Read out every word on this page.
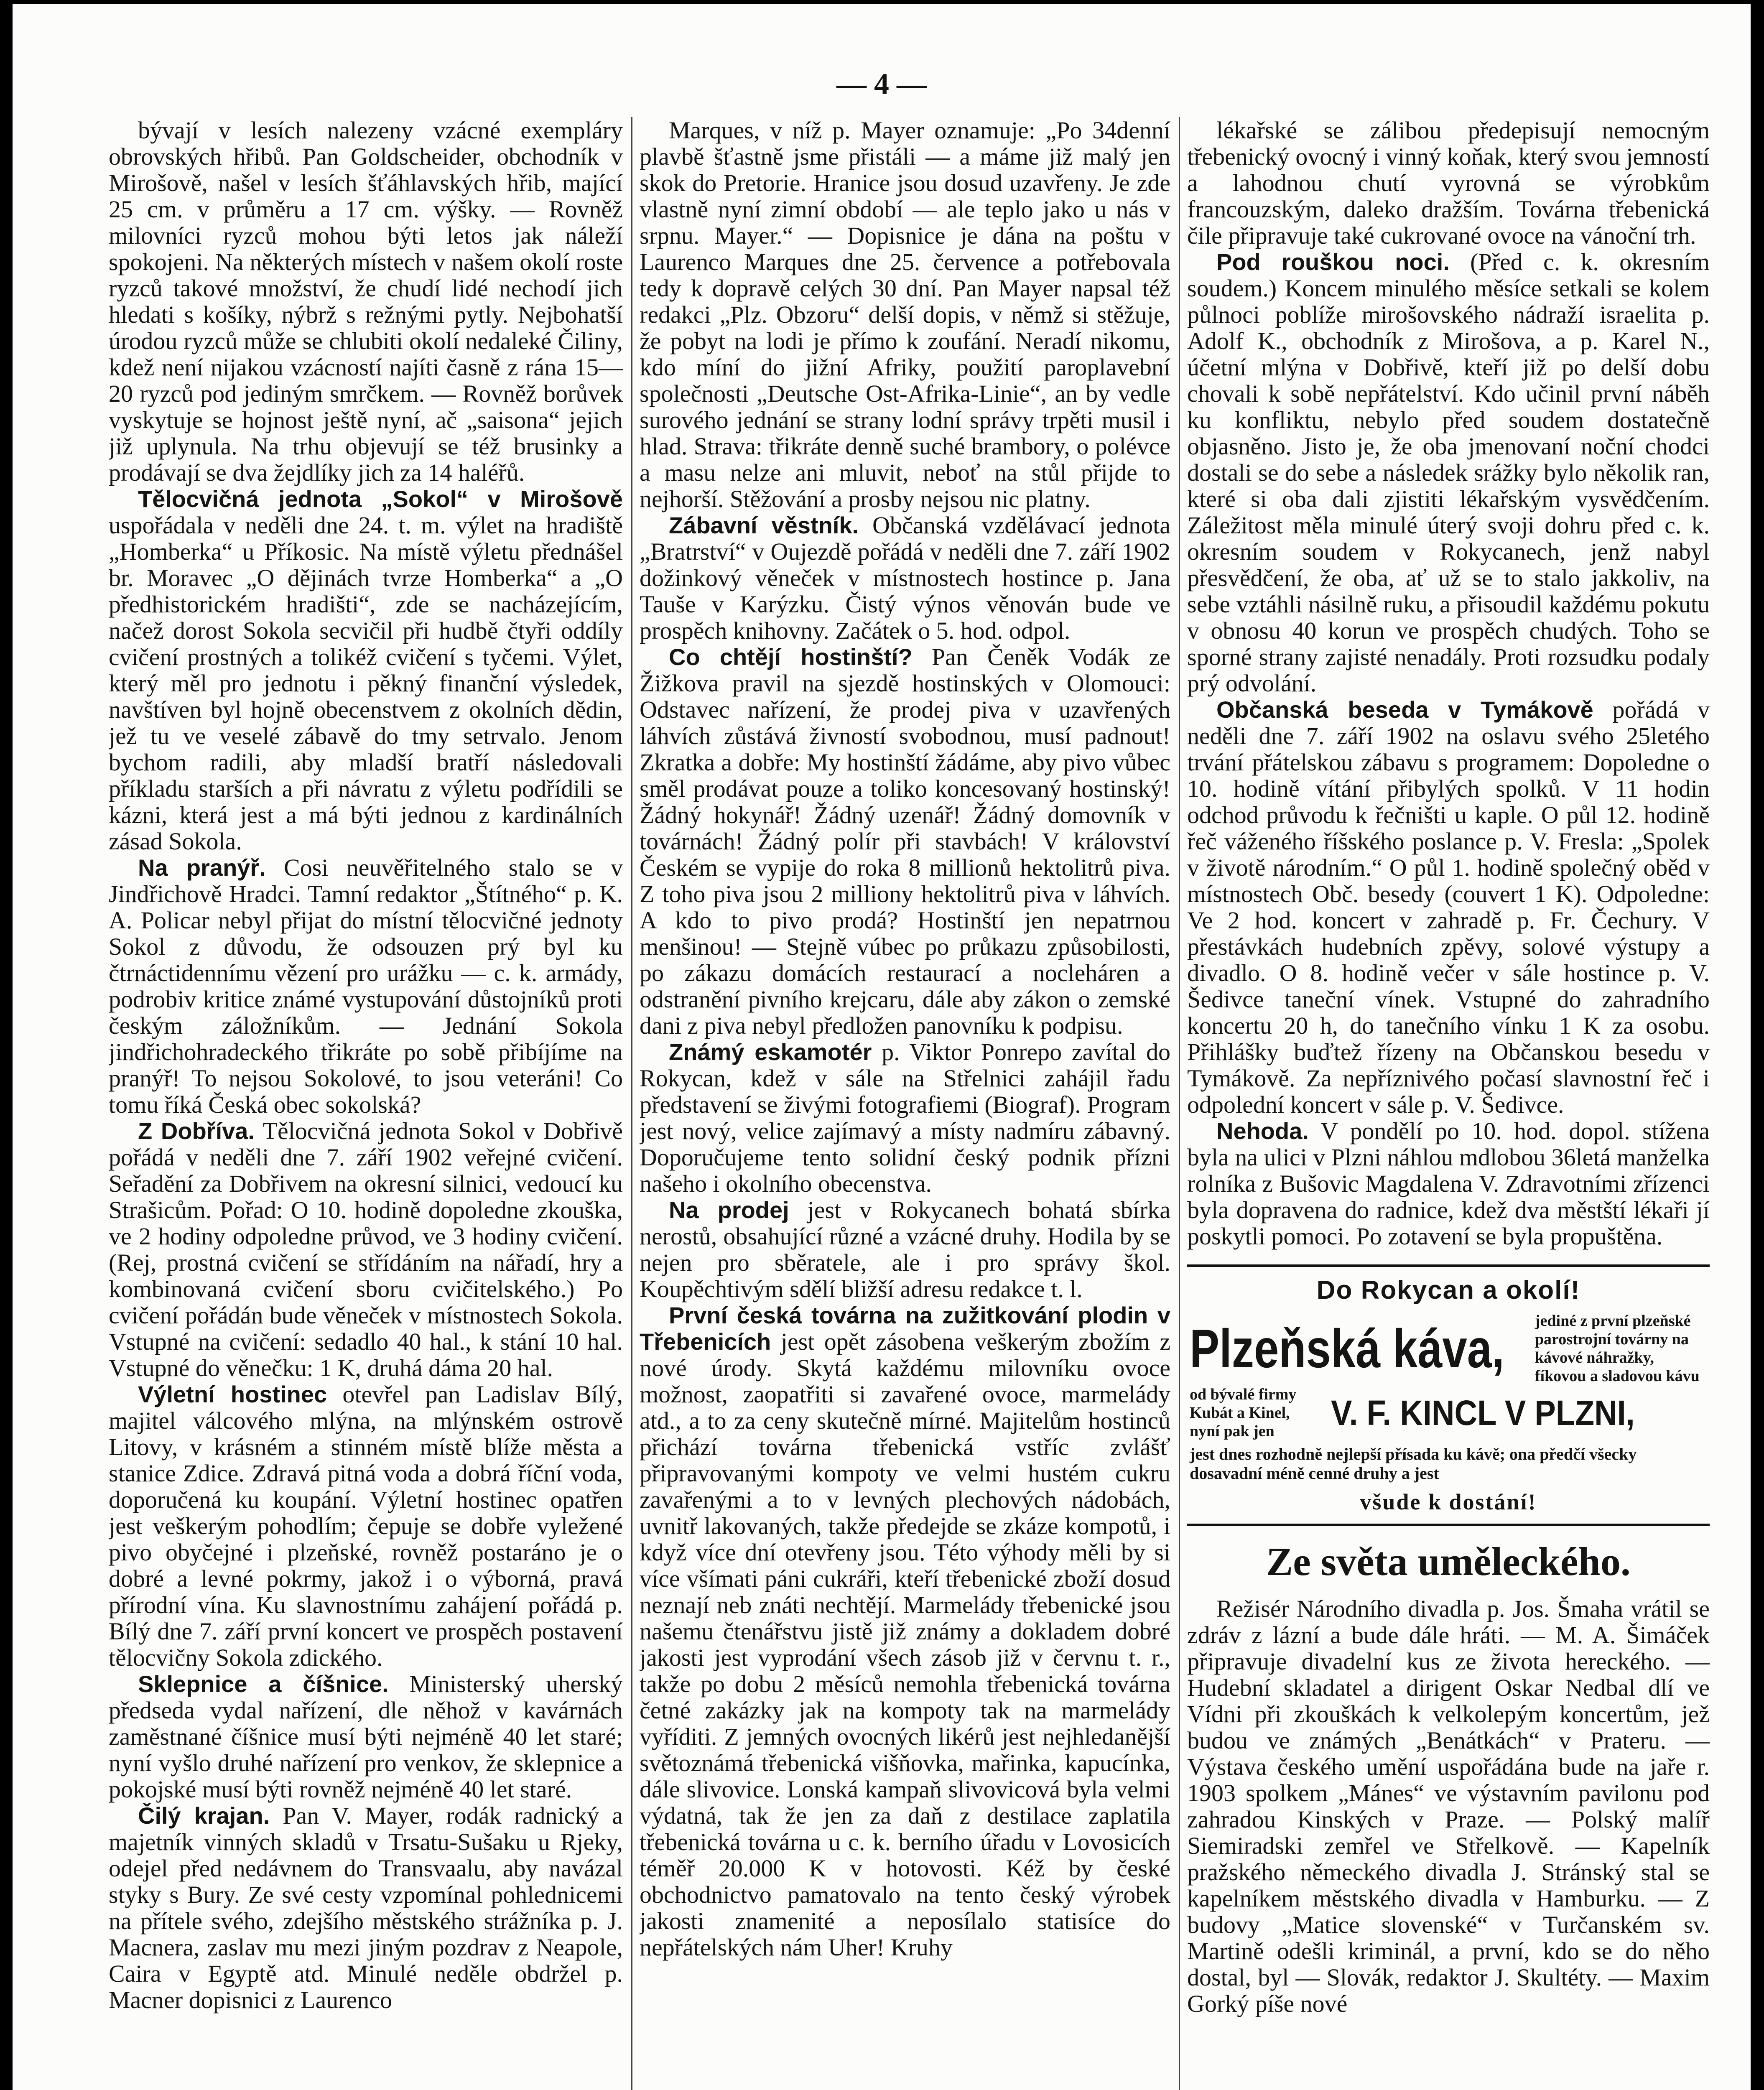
— 4 —

bývají v lesích nalezeny vzácné exempláry obrovských hřibů. Pan Goldscheider, obchodník v Mirošově, našel v lesích šťáhlavských hřib, mající 25 cm. v průměru a 17 cm. výšky. — Rovněž milovníci ryzců mohou býti letos jak náleží spokojeni. Na některých místech v našem okolí roste ryzců takové množství, že chudí lidé nechodí jich hledati s košíky, nýbrž s režnými pytly. Nejbohatší úrodou ryzců může se chlubiti okolí nedaleké Čiliny, kdež není nijakou vzácností najíti časně z rána 15—20 ryzců pod jediným smrčkem. — Rovněž borůvek vyskytuje se hojnost ještě nyní, ač „saisona“ jejich již uplynula. Na trhu objevují se též brusinky a prodávají se dva žejdlíky jich za 14 haléřů.

Tělocvičná jednota „Sokol“ v Mirošově uspořádala v neděli dne 24. t. m. výlet na hradiště „Homberka“ u Příkosic. Na místě výletu přednášel br. Moravec „O dějinách tvrze Homberka“ a „O předhistorickém hradišti“, zde se nacházejícím, načež dorost Sokola secvičil při hudbě čtyři oddíly cvičení prostných a tolikéž cvičení s tyčemi. Výlet, který měl pro jednotu i pěkný finanční výsledek, navštíven byl hojně obecenstvem z okolních dědin, jež tu ve veselé zábavě do tmy setrvalo. Jenom bychom radili, aby mladší bratří následovali příkladu starších a při návratu z výletu podřídili se kázni, která jest a má býti jednou z kardinálních zásad Sokola.

Na pranýř. Cosi neuvěřitelného stalo se v Jindřichově Hradci. Tamní redaktor „Štítného“ p. K. A. Policar nebyl přijat do místní tělocvičné jednoty Sokol z důvodu, že odsouzen prý byl ku čtrnáctidennímu vězení pro urážku — c. k. armády, podrobiv kritice známé vystupování důstojníků proti českým záložníkům. — Jednání Sokola jindřichohradeckého třikráte po sobě přibíjíme na pranýř! To nejsou Sokolové, to jsou veteráni! Co tomu říká Česká obec sokolská?

Z Dobřívа. Tělocvičná jednota Sokol v Dobřivě pořádá v neděli dne 7. září 1902 veřejné cvičení. Seřadění za Dobřivem na okresní silnici, vedoucí ku Strašicům. Pořad: O 10. hodině dopoledne zkouška, ve 2 hodiny odpoledne průvod, ve 3 hodiny cvičení. (Rej, prostná cvičení se střídáním na nářadí, hry a kombinovaná cvičení sboru cvičitelského.) Po cvičení pořádán bude věneček v místnostech Sokola. Vstupné na cvičení: sedadlo 40 hal., k stání 10 hal. Vstupné do věnečku: 1 K, druhá dáma 20 hal.

Výletní hostinec otevřel pan Ladislav Bílý, majitel válcového mlýna, na mlýnském ostrově Litovy, v krásném a stinném místě blíže města a stanice Zdice. Zdravá pitná voda a dobrá říční voda, doporučená ku koupání. Výletní hostinec opatřen jest veškerým pohodlím; čepuje se dobře vyležené pivo obyčejné i plzeňské, rovněž postaráno je o dobré a levné pokrmy, jakož i o výborná, pravá přírodní vína. Ku slavnostnímu zahájení pořádá p. Bílý dne 7. září první koncert ve prospěch postavení tělocvičny Sokola zdického.

Sklepnice a číšnice. Ministerský uherský předseda vydal nařízení, dle něhož v kavárnách zaměstnané číšnice musí býti nejméně 40 let staré; nyní vyšlo druhé nařízení pro venkov, že sklepnice a pokojské musí býti rovněž nejméně 40 let staré.

Čilý krajan. Pan V. Mayer, rodák radnický a majetník vinných skladů v Trsatu-Sušaku u Rjeky, odejel před nedávnem do Transvaalu, aby navázal styky s Bury. Ze své cesty vzpomínal pohlednicemi na přítele svého, zdejšího městského strážníka p. J. Macnera, zaslav mu mezi jiným pozdrav z Neapole, Caira v Egyptě atd. Minulé neděle obdržel p. Macner dopisnici z Laurenco

Marques, v níž p. Mayer oznamuje: „Po 34denní plavbě šťastně jsme přistáli — a máme již malý jen skok do Pretorie. Hranice jsou dosud uzavřeny. Je zde vlastně nyní zimní období — ale teplo jako u nás v srpnu. Mayer.“ — Dopisnice je dána na poštu v Laurenco Marques dne 25. července a potřebovala tedy k dopravě celých 30 dní. Pan Mayer napsal též redakci „Plz. Obzoru“ delší dopis, v němž si stěžuje, že pobyt na lodi je přímo k zoufání. Neradí nikomu, kdo míní do jižní Afriky, použití paroplavební společnosti „Deutsche Ost-Afrika-Linie“, an by vedle surového jednání se strany lodní správy trpěti musil i hlad. Strava: třikráte denně suché brambory, o polévce a masu nelze ani mluvit, neboť na stůl přijde to nejhorší. Stěžování a prosby nejsou nic platny.

Zábavní věstník. Občanská vzdělávací jednota „Bratrství“ v Oujezdě pořádá v neděli dne 7. září 1902 dožinkový věneček v místnostech hostince p. Jana Tauše v Karýzku. Čistý výnos věnován bude ve prospěch knihovny. Začátek o 5. hod. odpol.

Co chtějí hostinští? Pan Čeněk Vodák ze Žižkova pravil na sjezdě hostinských v Olomouci: Odstavec nařízení, že prodej piva v uzavřených láhvích zůstává živností svobodnou, musí padnout! Zkratka a dobře: My hostinští žádáme, aby pivo vůbec směl prodávat pouze a toliko koncesovaný hostinský! Žádný hokynář! Žádný uzenář! Žádný domovník v továrnách! Žádný polír při stavbách! V království Českém se vypije do roka 8 millionů hektolitrů piva. Z toho piva jsou 2 milliony hektolitrů piva v láhvích. A kdo to pivo prodá? Hostinští jen nepatrnou menšinou! — Stejně vúbec po průkazu způsobilosti, po zákazu domácích restaurací a nocleháren a odstranění pivního krejcaru, dále aby zákon o zemské dani z piva nebyl předložen panovníku k podpisu.

Známý eskamotér p. Viktor Ponrepo zavítal do Rokycan, kdež v sále na Střelnici zahájil řadu představení se živými fotografiemi (Biograf). Program jest nový, velice zajímavý a místy nadmíru zábavný. Doporučujeme tento solidní český podnik přízni našeho i okolního obecenstva.

Na prodej jest v Rokycanech bohatá sbírka nerostů, obsahující různé a vzácné druhy. Hodila by se nejen pro sběratele, ale i pro správy škol. Koupěchtivým sdělí bližší adresu redakce t. l.

První česká továrna na zužitkování plodin v Třebenicích jest opět zásobena veškerým zbožím z nové úrody. Skytá každému milovníku ovoce možnost, zaopatřiti si zavařené ovoce, marmelády atd., a to za ceny skutečně mírné. Majitelům hostinců přichází továrna třebenická vstříc zvlášť připravovanými kompoty ve velmi hustém cukru zavařenými a to v levných plechových nádobách, uvnitř lakovaných, takže předejde se zkáze kompotů, i když více dní otevřeny jsou. Této výhody měli by si více všímati páni cukráři, kteří třebenické zboží dosud neznají neb znáti nechtějí. Marmelády třebenické jsou našemu čtenářstvu jistě již známy a dokladem dobré jakosti jest vyprodání všech zásob již v červnu t. r., takže po dobu 2 měsíců nemohla třebenická továrna četné zakázky jak na kompoty tak na marmelády vyříditi. Z jemných ovocných likérů jest nejhledanější světoznámá třebenická višňovka, mařinka, kapucínka, dále slivovice. Lonská kampaň slivovicová byla velmi výdatná, tak že jen za daň z destilace zaplatila třebenická továrna u c. k. berního úřadu v Lovosicích téměř 20.000 K v hotovosti. Kéž by české obchodnictvo pamatovalo na tento český výrobek jakosti znamenité a neposílalo statisíce do nepřátelských nám Uher! Kruhy

lékařské se zálibou předepisují nemocným třebenický ovocný i vinný koňak, který svou jemností a lahodnou chutí vyrovná se výrobkům francouzským, daleko dražším. Továrna třebenická čile připravuje také cukrované ovoce na vánoční trh.

Pod rouškou noci. (Před c. k. okresním soudem.) Koncem minulého měsíce setkali se kolem půlnoci poblíže mirošovského nádraží israelita p. Adolf K., obchodník z Mirošova, a p. Karel N., účetní mlýna v Dobřivě, kteří již po delší dobu chovali k sobě nepřátelství. Kdo učinil první náběh ku konfliktu, nebylo před soudem dostatečně objasněno. Jisto je, že oba jmenovaní noční chodci dostali se do sebe a následek srážky bylo několik ran, které si oba dali zjistiti lékařským vysvědčením. Záležitost měla minulé úterý svoji dohru před c. k. okresním soudem v Rokycanech, jenž nabyl přesvědčení, že oba, ať už se to stalo jakkoliv, na sebe vztáhli násilně ruku, a přisoudil každému pokutu v obnosu 40 korun ve prospěch chudých. Toho se sporné strany zajisté nenadály. Proti rozsudku podaly prý odvolání.

Občanská beseda v Tymákově pořádá v neděli dne 7. září 1902 na oslavu svého 25letého trvání přátelskou zábavu s programem: Dopoledne o 10. hodině vítání přibylých spolků. V 11 hodin odchod průvodu k řečništi u kaple. O půl 12. hodině řeč váženého říšského poslance p. V. Fresla: „Spolek v životě národním.“ O půl 1. hodině společný oběd v místnostech Obč. besedy (couvert 1 K). Odpoledne: Ve 2 hod. koncert v zahradě p. Fr. Čechury. V přestávkách hudebních zpěvy, solové výstupy a divadlo. O 8. hodině večer v sále hostince p. V. Šedivce taneční vínek. Vstupné do zahradního koncertu 20 h, do tanečního vínku 1 K za osobu. Přihlášky buďtež řízeny na Občanskou besedu v Tymákově. Za nepříznivého počasí slavnostní řeč i odpolední koncert v sále p. V. Šedivce.

Nehoda. V pondělí po 10. hod. dopol. stížena byla na ulici v Plzni náhlou mdlobou 36letá manželka rolníka z Bušovic Magdalena V. Zdravotními zřízenci byla dopravena do radnice, kdež dva městští lékaři jí poskytli pomoci. Po zotavení se byla propuštěna.

Do Rokycan a okolí!
Plzeňská káva, jediné z první plzeňské parostrojní továrny na kávové náhražky, fíkovou a sladovou kávu
od bývalé firmy Kubát a Kinel, nyní pak jen	V. F. KINCL V PLZNI,
jest dnes rozhodně nejlepší přísada ku kávě; ona předčí všecky dosavadní méně cenné druhy a jest
všude k dostání!
Ze světa uměleckého.

Režisér Národního divadla p. Jos. Šmaha vrátil se zdráv z lázní a bude dále hráti. — M. A. Šimáček připravuje divadelní kus ze života hereckého. — Hudební skladatel a dirigent Oskar Nedbal dlí ve Vídni při zkouškách k velkolepým koncertům, jež budou ve známých „Benátkách“ v Prateru. — Výstava českého umění uspořádána bude na jaře r. 1903 spolkem „Mánes“ ve výstavním pavilonu pod zahradou Kinských v Praze. — Polský malíř Siemiradski zemřel ve Střelkově. — Kapelník pražského německého divadla J. Stránský stal se kapelníkem městského divadla v Hamburku. — Z budovy „Matice slovenské“ v Turčanském sv. Martině odešli kriminál, a první, kdo se do něho dostal, byl — Slovák, redaktor J. Skultéty. — Maxim Gorký píše nové
